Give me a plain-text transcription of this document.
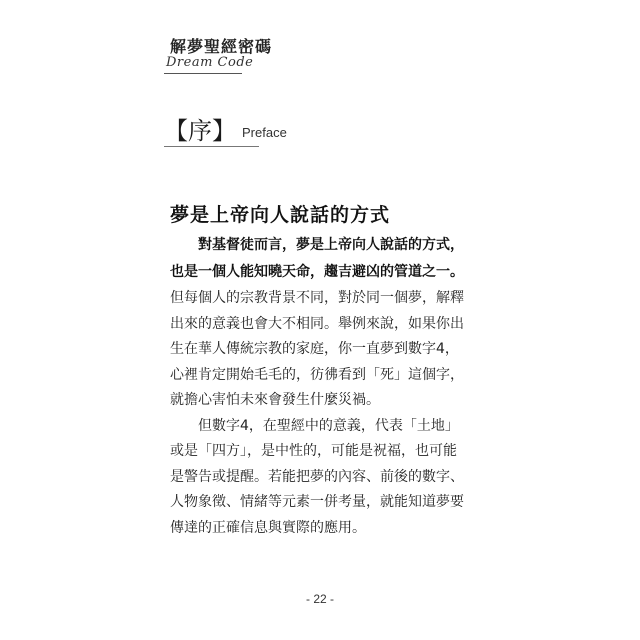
解夢聖經密碼
Dream Code
【序】 Preface
夢是上帝向人說話的方式

對基督徒而言，夢是上帝向人說話的方式，

也是一個人能知曉天命，趨吉避凶的管道之一。

但每個人的宗教背景不同，對於同一個夢，解釋

出來的意義也會大不相同。舉例來說，如果你出

生在華人傳統宗教的家庭，你一直夢到數字4，

心裡肯定開始毛毛的，彷彿看到「死」這個字，

就擔心害怕未來會發生什麼災禍。

但數字4，在聖經中的意義，代表「土地」

或是「四方」，是中性的，可能是祝福，也可能

是警告或提醒。若能把夢的內容、前後的數字、

人物象徵、情緒等元素一併考量，就能知道夢要

傳達的正確信息與實際的應用。

- 22 -
